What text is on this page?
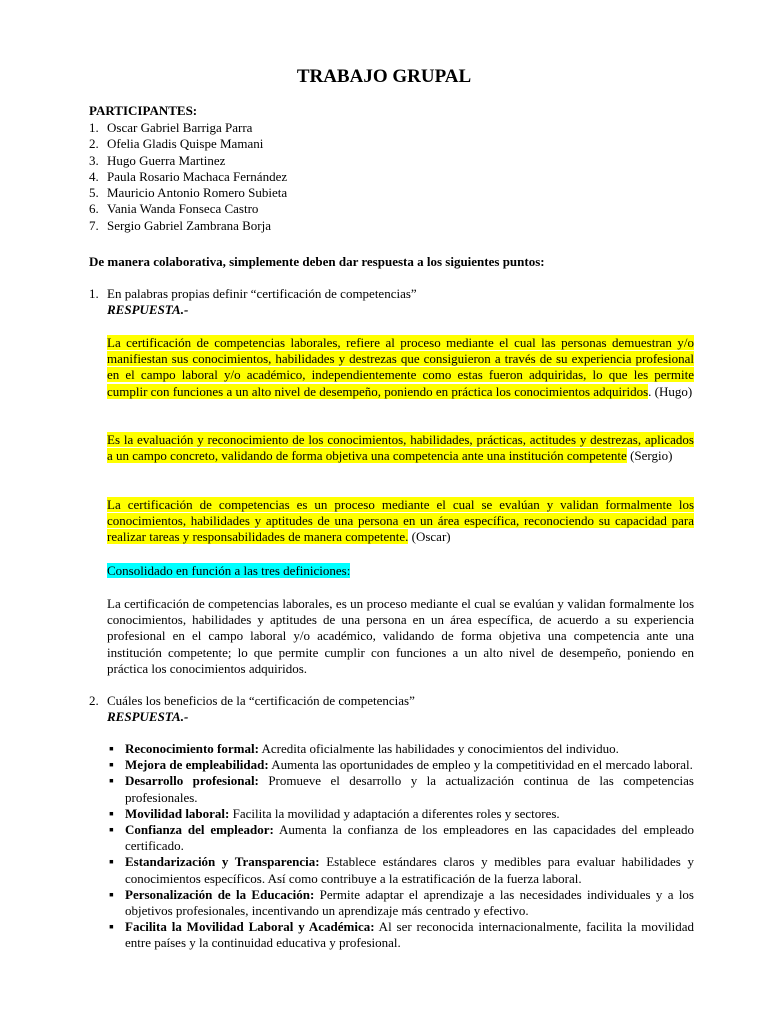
TRABAJO GRUPAL
PARTICIPANTES:
1. Oscar Gabriel Barriga Parra
2. Ofelia Gladis Quispe Mamani
3. Hugo Guerra Martinez
4. Paula Rosario Machaca Fernández
5. Mauricio Antonio Romero Subieta
6. Vania Wanda Fonseca Castro
7. Sergio Gabriel Zambrana Borja
De manera colaborativa, simplemente deben dar respuesta a los siguientes puntos:
1. En palabras propias definir “certificación de competencias”
RESPUESTA.-
La certificación de competencias laborales, refiere al proceso mediante el cual las personas demuestran y/o manifiestan sus conocimientos, habilidades y destrezas que consiguieron a través de su experiencia profesional en el campo laboral y/o académico, independientemente como estas fueron adquiridas, lo que les permite cumplir con funciones a un alto nivel de desempeño, poniendo en práctica los conocimientos adquiridos. (Hugo)
Es la evaluación y reconocimiento de los conocimientos, habilidades, prácticas, actitudes y destrezas, aplicados a un campo concreto, validando de forma objetiva una competencia ante una institución competente (Sergio)
La certificación de competencias es un proceso mediante el cual se evalúan y validan formalmente los conocimientos, habilidades y aptitudes de una persona en un área específica, reconociendo su capacidad para realizar tareas y responsabilidades de manera competente. (Oscar)
Consolidado en función a las tres definiciones:
La certificación de competencias laborales, es un proceso mediante el cual se evalúan y validan formalmente los conocimientos, habilidades y aptitudes de una persona en un área específica, de acuerdo a su experiencia profesional en el campo laboral y/o académico, validando de forma objetiva una competencia ante una institución competente; lo que permite cumplir con funciones a un alto nivel de desempeño, poniendo en práctica los conocimientos adquiridos.
2. Cuáles los beneficios de la “certificación de competencias”
RESPUESTA.-
▪
Reconocimiento formal: Acredita oficialmente las habilidades y conocimientos del individuo.
▪
Mejora de empleabilidad: Aumenta las oportunidades de empleo y la competitividad en el mercado laboral.
▪
Desarrollo profesional: Promueve el desarrollo y la actualización continua de las competencias profesionales.
▪
Movilidad laboral: Facilita la movilidad y adaptación a diferentes roles y sectores.
▪
Confianza del empleador: Aumenta la confianza de los empleadores en las capacidades del empleado certificado.
▪
Estandarización y Transparencia: Establece estándares claros y medibles para evaluar habilidades y conocimientos específicos. Así como contribuye a la estratificación de la fuerza laboral.
▪
Personalización de la Educación: Permite adaptar el aprendizaje a las necesidades individuales y a los objetivos profesionales, incentivando un aprendizaje más centrado y efectivo.
▪
Facilita la Movilidad Laboral y Académica: Al ser reconocida internacionalmente, facilita la movilidad entre países y la continuidad educativa y profesional.
